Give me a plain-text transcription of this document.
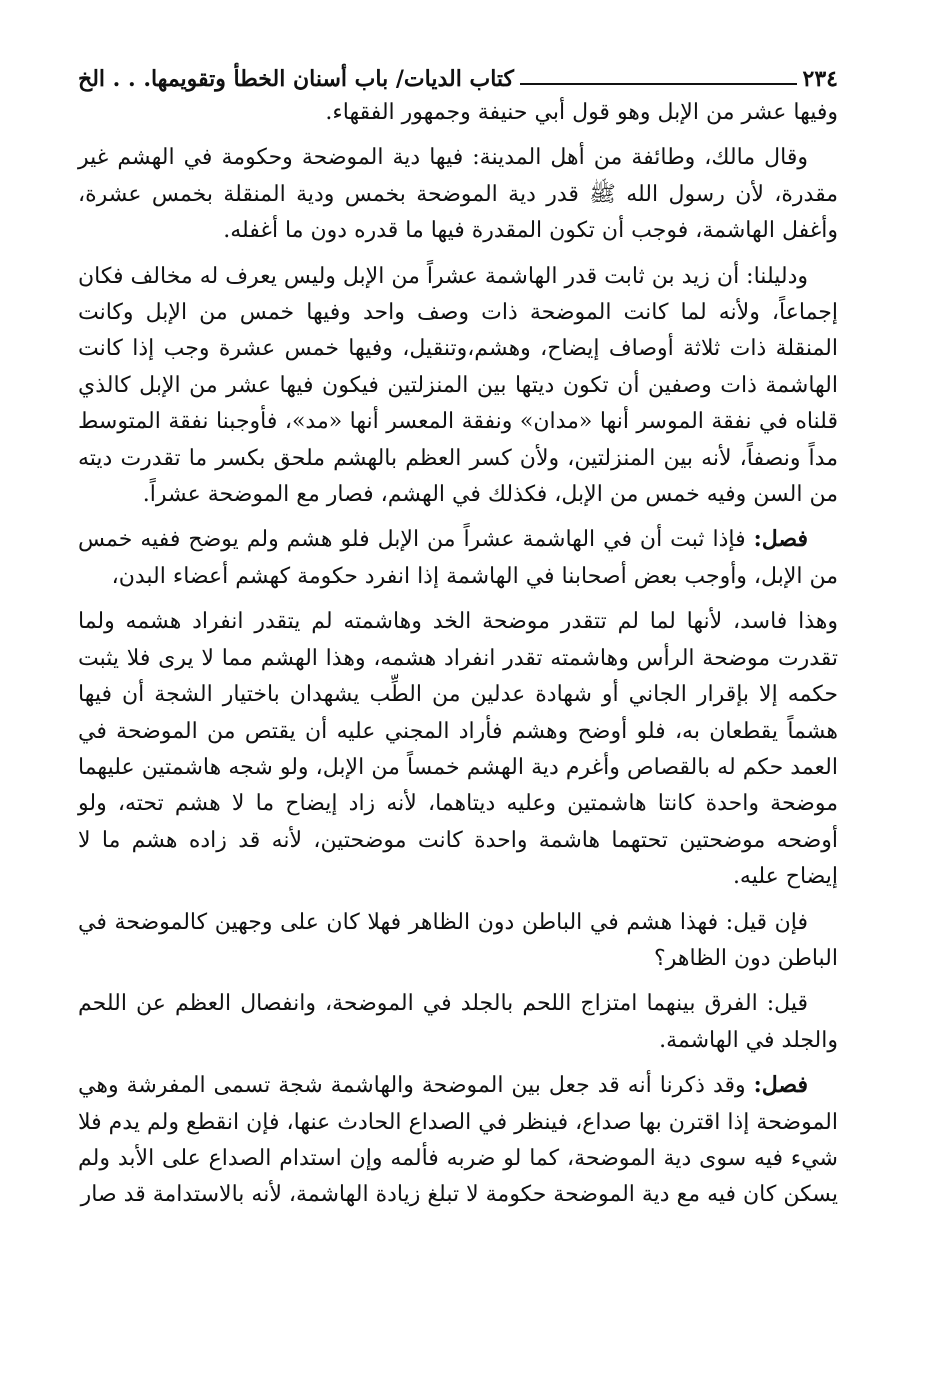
٢٣٤
كتاب الديات/ باب أسنان الخطأ وتقويمها. . . الخ

وفيها عشر من الإبل وهو قول أبي حنيفة وجمهور الفقهاء.

وقال مالك، وطائفة من أهل المدينة: فيها دية الموضحة وحكومة في الهشم غير مقدرة، لأن رسول الله ﷺ قدر دية الموضحة بخمس ودية المنقلة بخمس عشرة، وأغفل الهاشمة، فوجب أن تكون المقدرة فيها ما قدره دون ما أغفله.

ودليلنا: أن زيد بن ثابت قدر الهاشمة عشراً من الإبل وليس يعرف له مخالف فكان إجماعاً، ولأنه لما كانت الموضحة ذات وصف واحد وفيها خمس من الإبل وكانت المنقلة ذات ثلاثة أوصاف إيضاح، وهشم،وتنقيل، وفيها خمس عشرة وجب إذا كانت الهاشمة ذات وصفين أن تكون ديتها بين المنزلتين فيكون فيها عشر من الإبل كالذي قلناه في نفقة الموسر أنها «مدان» ونفقة المعسر أنها «مد»، فأوجبنا نفقة المتوسط مداً ونصفاً، لأنه بين المنزلتين، ولأن كسر العظم بالهشم ملحق بكسر ما تقدرت ديته من السن وفيه خمس من الإبل، فكذلك في الهشم، فصار مع الموضحة عشراً.

فصل: فإذا ثبت أن في الهاشمة عشراً من الإبل فلو هشم ولم يوضح ففيه خمس من الإبل، وأوجب بعض أصحابنا في الهاشمة إذا انفرد حكومة كهشم أعضاء البدن،

وهذا فاسد، لأنها لما لم تتقدر موضحة الخد وهاشمته لم يتقدر انفراد هشمه ولما تقدرت موضحة الرأس وهاشمته تقدر انفراد هشمه، وهذا الهشم مما لا يرى فلا يثبت حكمه إلا بإقرار الجاني أو شهادة عدلين من الطِّب يشهدان باختيار الشجة أن فيها هشماً يقطعان به، فلو أوضح وهشم فأراد المجني عليه أن يقتص من الموضحة في العمد حكم له بالقصاص وأغرم دية الهشم خمساً من الإبل، ولو شجه هاشمتين عليهما موضحة واحدة كانتا هاشمتين وعليه ديتاهما، لأنه زاد إيضاح ما لا هشم تحته، ولو أوضحه موضحتين تحتهما هاشمة واحدة كانت موضحتين، لأنه قد زاده هشم ما لا إيضاح عليه.

فإن قيل: فهذا هشم في الباطن دون الظاهر فهلا كان على وجهين كالموضحة في الباطن دون الظاهر؟

قيل: الفرق بينهما امتزاج اللحم بالجلد في الموضحة، وانفصال العظم عن اللحم والجلد في الهاشمة.

فصل: وقد ذكرنا أنه قد جعل بين الموضحة والهاشمة شجة تسمى المفرشة وهي الموضحة إذا اقترن بها صداع، فينظر في الصداع الحادث عنها، فإن انقطع ولم يدم فلا شيء فيه سوى دية الموضحة، كما لو ضربه فألمه وإن استدام الصداع على الأبد ولم يسكن كان فيه مع دية الموضحة حكومة لا تبلغ زيادة الهاشمة، لأنه بالاستدامة قد صار
